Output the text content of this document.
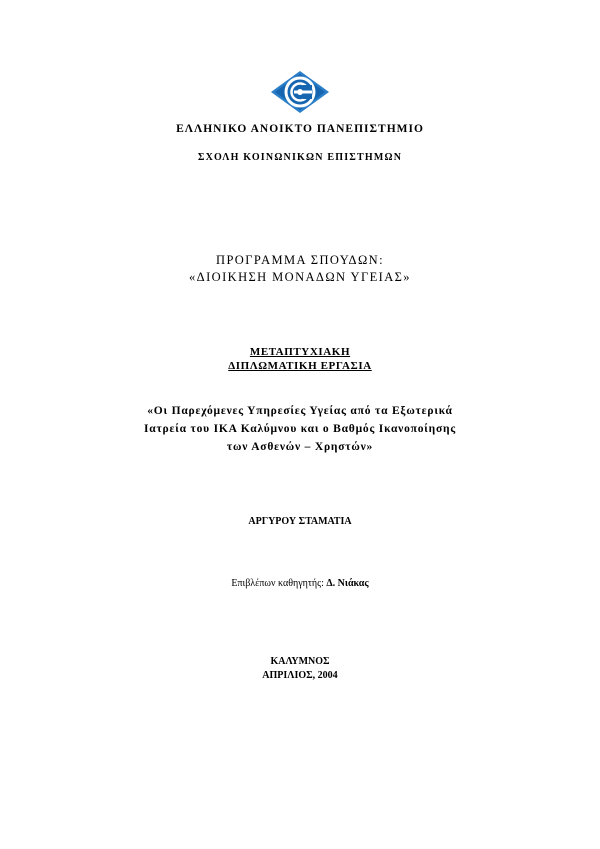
ΕΛΛΗΝΙΚΟ ΑΝΟΙΚΤΟ ΠΑΝΕΠΙΣΤΗΜΙΟ
ΣΧΟΛΗ ΚΟΙΝΩΝΙΚΩΝ ΕΠΙΣΤΗΜΩΝ
ΠΡΟΓΡΑΜΜΑ ΣΠΟΥΔΩΝ:
«ΔΙΟΙΚΗΣΗ ΜΟΝΑΔΩΝ ΥΓΕΙΑΣ»
ΜΕΤΑΠΤΥΧΙΑΚΗ
ΔΙΠΛΩΜΑΤΙΚΗ ΕΡΓΑΣΙΑ
«Οι Παρεχόμενες Υπηρεσίες Υγείας από τα Εξωτερικά
Ιατρεία του ΙΚΑ Καλύμνου και ο Βαθμός Ικανοποίησης
των Ασθενών – Χρηστών»
ΑΡΓΥΡΟΥ ΣΤΑΜΑΤΙΑ
Επιβλέπων καθηγητής: Δ. Νιάκας
ΚΑΛΥΜΝΟΣ
ΑΠΡΙΛΙΟΣ, 2004
